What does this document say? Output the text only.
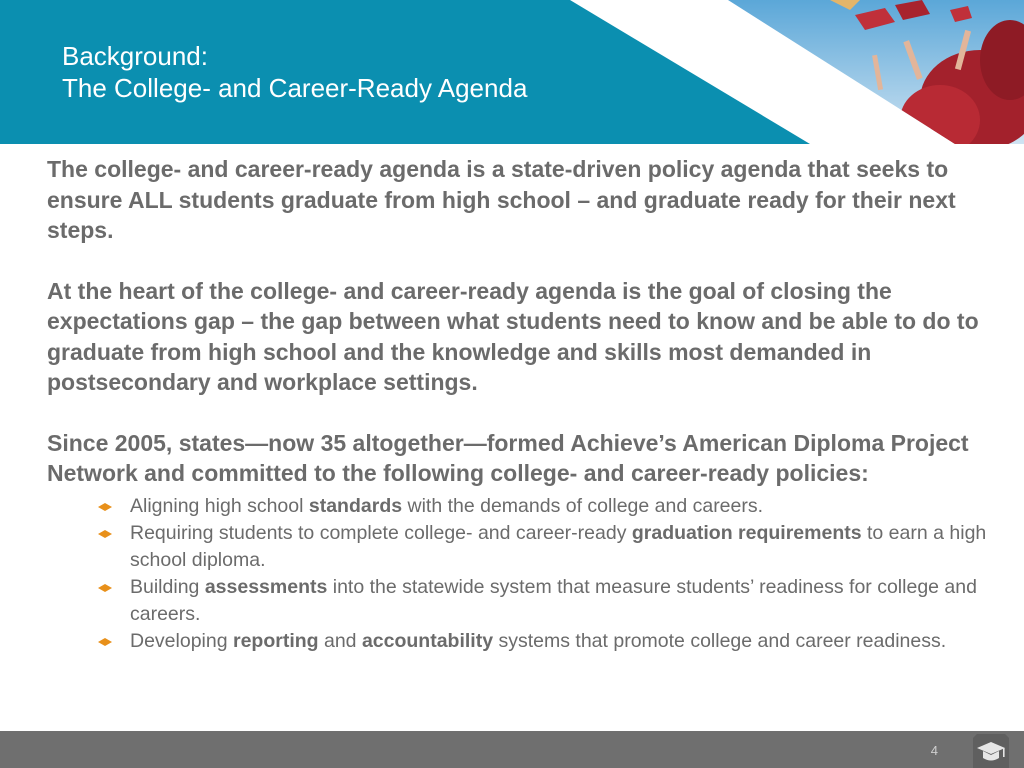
Background:
The College- and Career-Ready Agenda

The college- and career-ready agenda is a state-driven policy agenda that seeks to ensure ALL students graduate from high school – and graduate ready for their next steps.

At the heart of the college- and career-ready agenda is the goal of closing the expectations gap – the gap between what students need to know and be able to do to graduate from high school and the knowledge and skills most demanded in postsecondary and workplace settings.

Since 2005, states—now 35 altogether—formed Achieve’s American Diploma Project Network and committed to the following college- and career-ready policies:

Aligning high school standards with the demands of college and careers.
Requiring students to complete college- and career-ready graduation requirements to earn a high school diploma.
Building assessments into the statewide system that measure students’ readiness for college and careers.
Developing reporting and accountability systems that promote college and career readiness.
4
